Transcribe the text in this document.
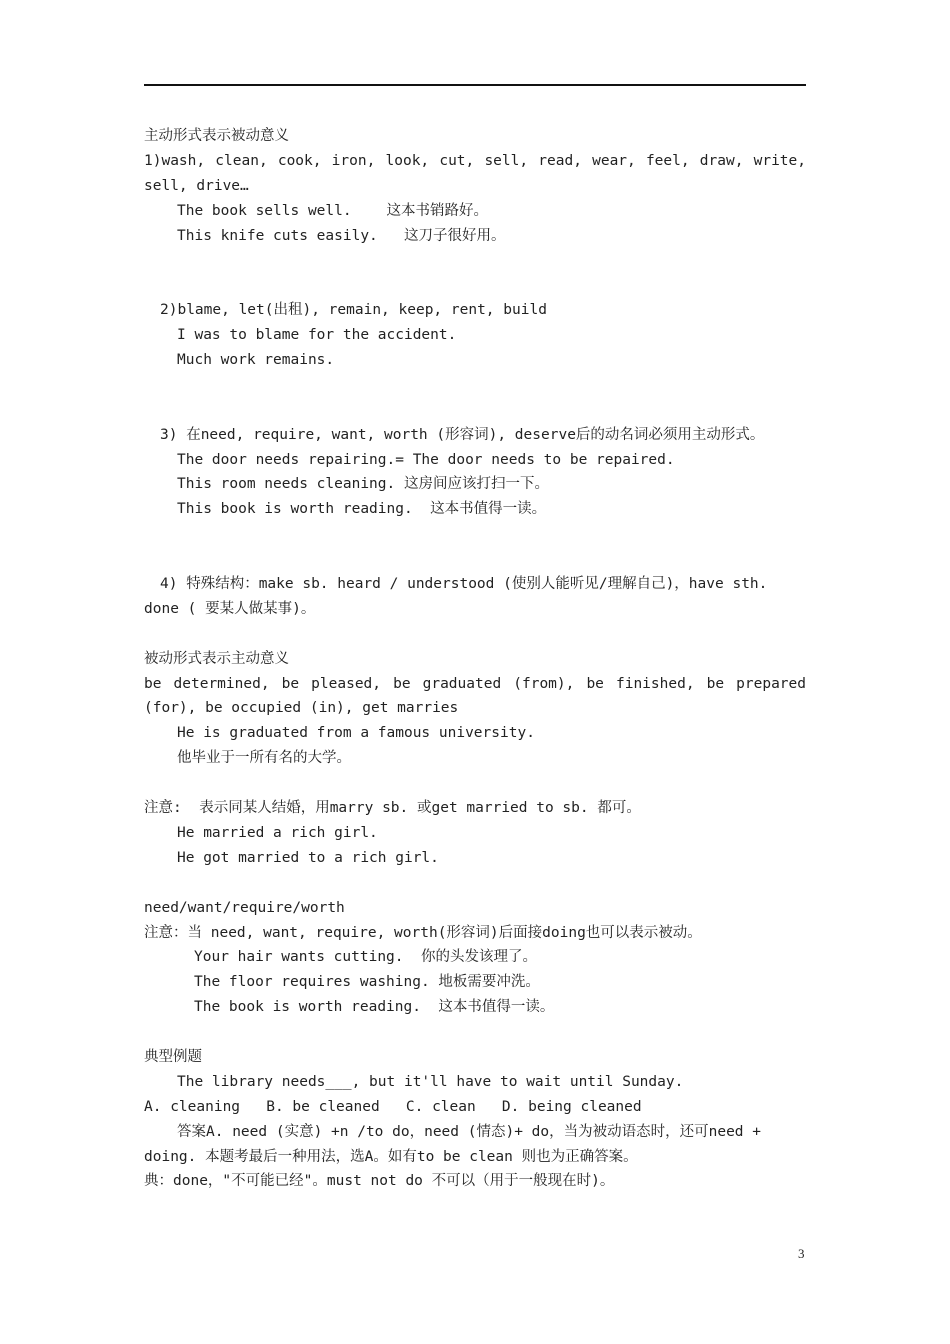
主动形式表示被动意义
1)wash, clean, cook, iron, look, cut, sell, read, wear, feel, draw, write,
sell, drive…
The book sells well.    这本书销路好。
This knife cuts easily.   这刀子很好用。
2)blame, let(出租), remain, keep, rent, build
I was to blame for the accident.
Much work remains.
3) 在need, require, want, worth (形容词), deserve后的动名词必须用主动形式。
The door needs repairing.= The door needs to be repaired.
This room needs cleaning. 这房间应该打扫一下。
This book is worth reading.  这本书值得一读。
4) 特殊结构：make sb. heard / understood (使别人能听见/理解自己)，have sth.
done ( 要某人做某事)。
被动形式表示主动意义
be determined, be pleased, be graduated (from), be finished, be prepared
(for), be occupied (in), get marries
He is graduated from a famous university.
他毕业于一所有名的大学。
注意:  表示同某人结婚，用marry sb. 或get married to sb. 都可。
He married a rich girl.
He got married to a rich girl.
need/want/require/worth
注意：当 need, want, require, worth(形容词)后面接doing也可以表示被动。
Your hair wants cutting.  你的头发该理了。
The floor requires washing. 地板需要冲洗。
The book is worth reading.  这本书值得一读。
典型例题
The library needs___, but it'll have to wait until Sunday.
A. cleaning   B. be cleaned   C. clean   D. being cleaned
答案A. need (实意) +n /to do，need (情态)+ do，当为被动语态时，还可need +
doing. 本题考最后一种用法，选A。如有to be clean 则也为正确答案。
典：done，"不可能已经"。must not do 不可以（用于一般现在时)。
3
